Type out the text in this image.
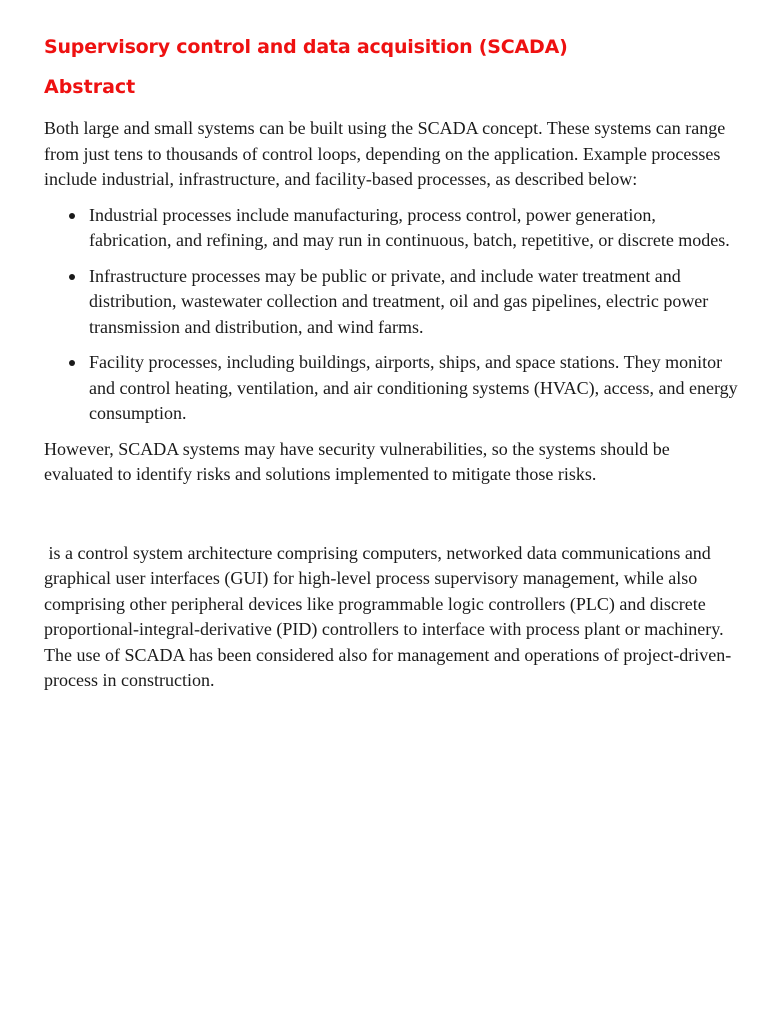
Supervisory control and data acquisition (SCADA)
Abstract

Both large and small systems can be built using the SCADA concept. These systems can range from just tens to thousands of control loops, depending on the application. Example processes include industrial, infrastructure, and facility-based processes, as described below:

Industrial processes include manufacturing, process control, power generation, fabrication, and refining, and may run in continuous, batch, repetitive, or discrete modes.
Infrastructure processes may be public or private, and include water treatment and distribution, wastewater collection and treatment, oil and gas pipelines, electric power transmission and distribution, and wind farms.
Facility processes, including buildings, airports, ships, and space stations. They monitor and control heating, ventilation, and air conditioning systems (HVAC), access, and energy consumption.

However, SCADA systems may have security vulnerabilities, so the systems should be evaluated to identify risks and solutions implemented to mitigate those risks.

is a control system architecture comprising computers, networked data communications and graphical user interfaces (GUI) for high-level process supervisory management, while also comprising other peripheral devices like programmable logic controllers (PLC) and discrete proportional-integral-derivative (PID) controllers to interface with process plant or machinery. The use of SCADA has been considered also for management and operations of project-driven-process in construction.
